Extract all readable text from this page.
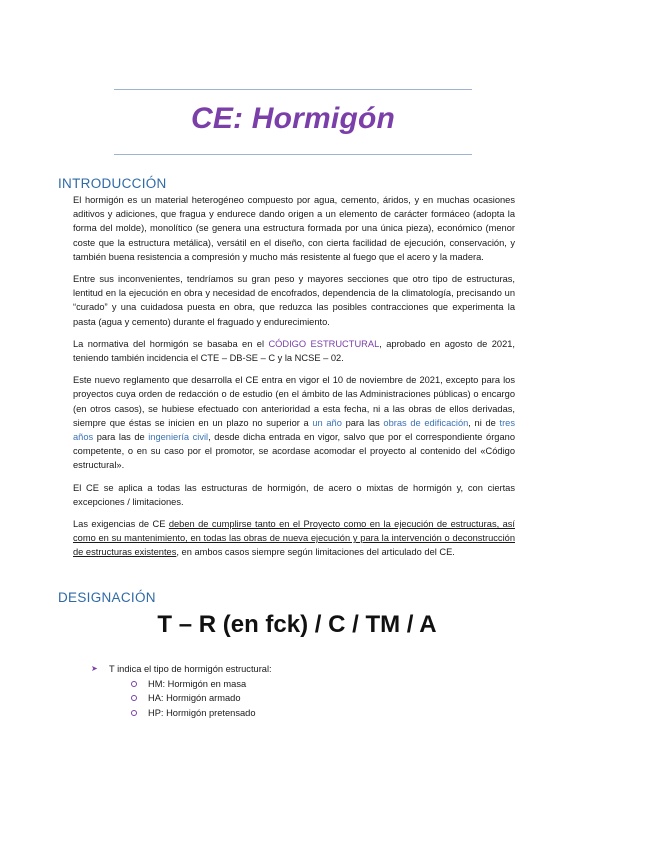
CE: Hormigón
INTRODUCCIÓN

El hormigón es un material heterogéneo compuesto por agua, cemento, áridos, y en muchas ocasiones aditivos y adiciones, que fragua y endurece dando origen a un elemento de carácter formáceo (adopta la forma del molde), monolítico (se genera una estructura formada por una única pieza), económico (menor coste que la estructura metálica), versátil en el diseño, con cierta facilidad de ejecución, conservación, y también buena resistencia a compresión y mucho más resistente al fuego que el acero y la madera.

Entre sus inconvenientes, tendríamos su gran peso y mayores secciones que otro tipo de estructuras, lentitud en la ejecución en obra y necesidad de encofrados, dependencia de la climatología, precisando un “curado” y una cuidadosa puesta en obra, que reduzca las posibles contracciones que experimenta la pasta (agua y cemento) durante el fraguado y endurecimiento.

La normativa del hormigón se basaba en el CÓDIGO ESTRUCTURAL, aprobado en agosto de 2021, teniendo también incidencia el CTE – DB-SE – C y la NCSE – 02.

Este nuevo reglamento que desarrolla el CE entra en vigor el 10 de noviembre de 2021, excepto para los proyectos cuya orden de redacción o de estudio (en el ámbito de las Administraciones públicas) o encargo (en otros casos), se hubiese efectuado con anterioridad a esta fecha, ni a las obras de ellos derivadas, siempre que éstas se inicien en un plazo no superior a un año para las obras de edificación, ni de tres años para las de ingeniería civil, desde dicha entrada en vigor, salvo que por el correspondiente órgano competente, o en su caso por el promotor, se acordase acomodar el proyecto al contenido del «Código estructural».

El CE se aplica a todas las estructuras de hormigón, de acero o mixtas de hormigón y, con ciertas excepciones / limitaciones.

Las exigencias de CE deben de cumplirse tanto en el Proyecto como en la ejecución de estructuras, así como en su mantenimiento, en todas las obras de nueva ejecución y para la intervención o deconstrucción de estructuras existentes, en ambos casos siempre según limitaciones del articulado del CE.

DESIGNACIÓN
T – R (en fck) / C / TM / A
➤	T indica el tipo de hormigón estructural:
HM: Hormigón en masa
HA: Hormigón armado
HP: Hormigón pretensado
